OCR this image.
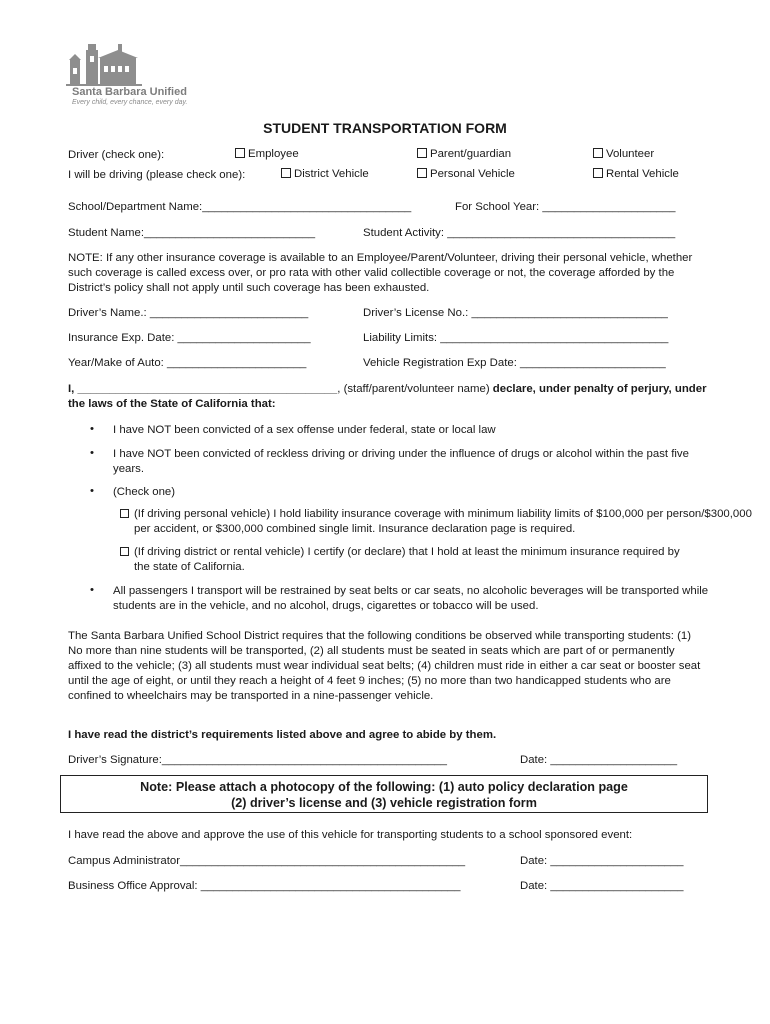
Santa Barbara Unified
Every child, every chance, every day.
STUDENT TRANSPORTATION FORM
Driver (check one):	Employee	Parent/guardian	Volunteer
I will be driving (please check one):	District Vehicle	Personal Vehicle	Rental Vehicle
School/Department Name:_________________________________	For School Year: _____________________
Student Name:___________________________	Student Activity: ____________________________________
NOTE: If any other insurance coverage is available to an Employee/Parent/Volunteer, driving their personal vehicle, whether such coverage is called excess over, or pro rata with other valid collectible coverage or not, the coverage afforded by the District’s policy shall not apply until such coverage has been exhausted.
Driver’s Name.: _________________________	Driver’s License No.: _______________________________
Insurance Exp. Date: _____________________	Liability Limits: ____________________________________
Year/Make of Auto: ______________________	Vehicle Registration Exp Date: _______________________
I, _________________________________________, (staff/parent/volunteer name) declare, under penalty of perjury, under the laws of the State of California that:
• I have NOT been convicted of a sex offense under federal, state or local law
• I have NOT been convicted of reckless driving or driving under the influence of drugs or alcohol within the past five years.
• (Check one)
(If driving personal vehicle) I hold liability insurance coverage with minimum liability limits of $100,000 per person/$300,000 per accident, or $300,000 combined single limit. Insurance declaration page is required.
(If driving district or rental vehicle) I certify (or declare) that I hold at least the minimum insurance required by the state of California.
• All passengers I transport will be restrained by seat belts or car seats, no alcoholic beverages will be transported while students are in the vehicle, and no alcohol, drugs, cigarettes or tobacco will be used.
The Santa Barbara Unified School District requires that the following conditions be observed while transporting students: (1) No more than nine students will be transported, (2) all students must be seated in seats which are part of or permanently affixed to the vehicle; (3) all students must wear individual seat belts; (4) children must ride in either a car seat or booster seat until the age of eight, or until they reach a height of 4 feet 9 inches; (5) no more than two handicapped students who are confined to wheelchairs may be transported in a nine-passenger vehicle.
I have read the district’s requirements listed above and agree to abide by them.
Driver’s Signature:_____________________________________________	Date: ____________________
Note: Please attach a photocopy of the following: (1) auto policy declaration page
(2) driver’s license and (3) vehicle registration form
I have read the above and approve the use of this vehicle for transporting students to a school sponsored event:
Campus Administrator_____________________________________________	Date: _____________________
Business Office Approval: _________________________________________	Date: _____________________
